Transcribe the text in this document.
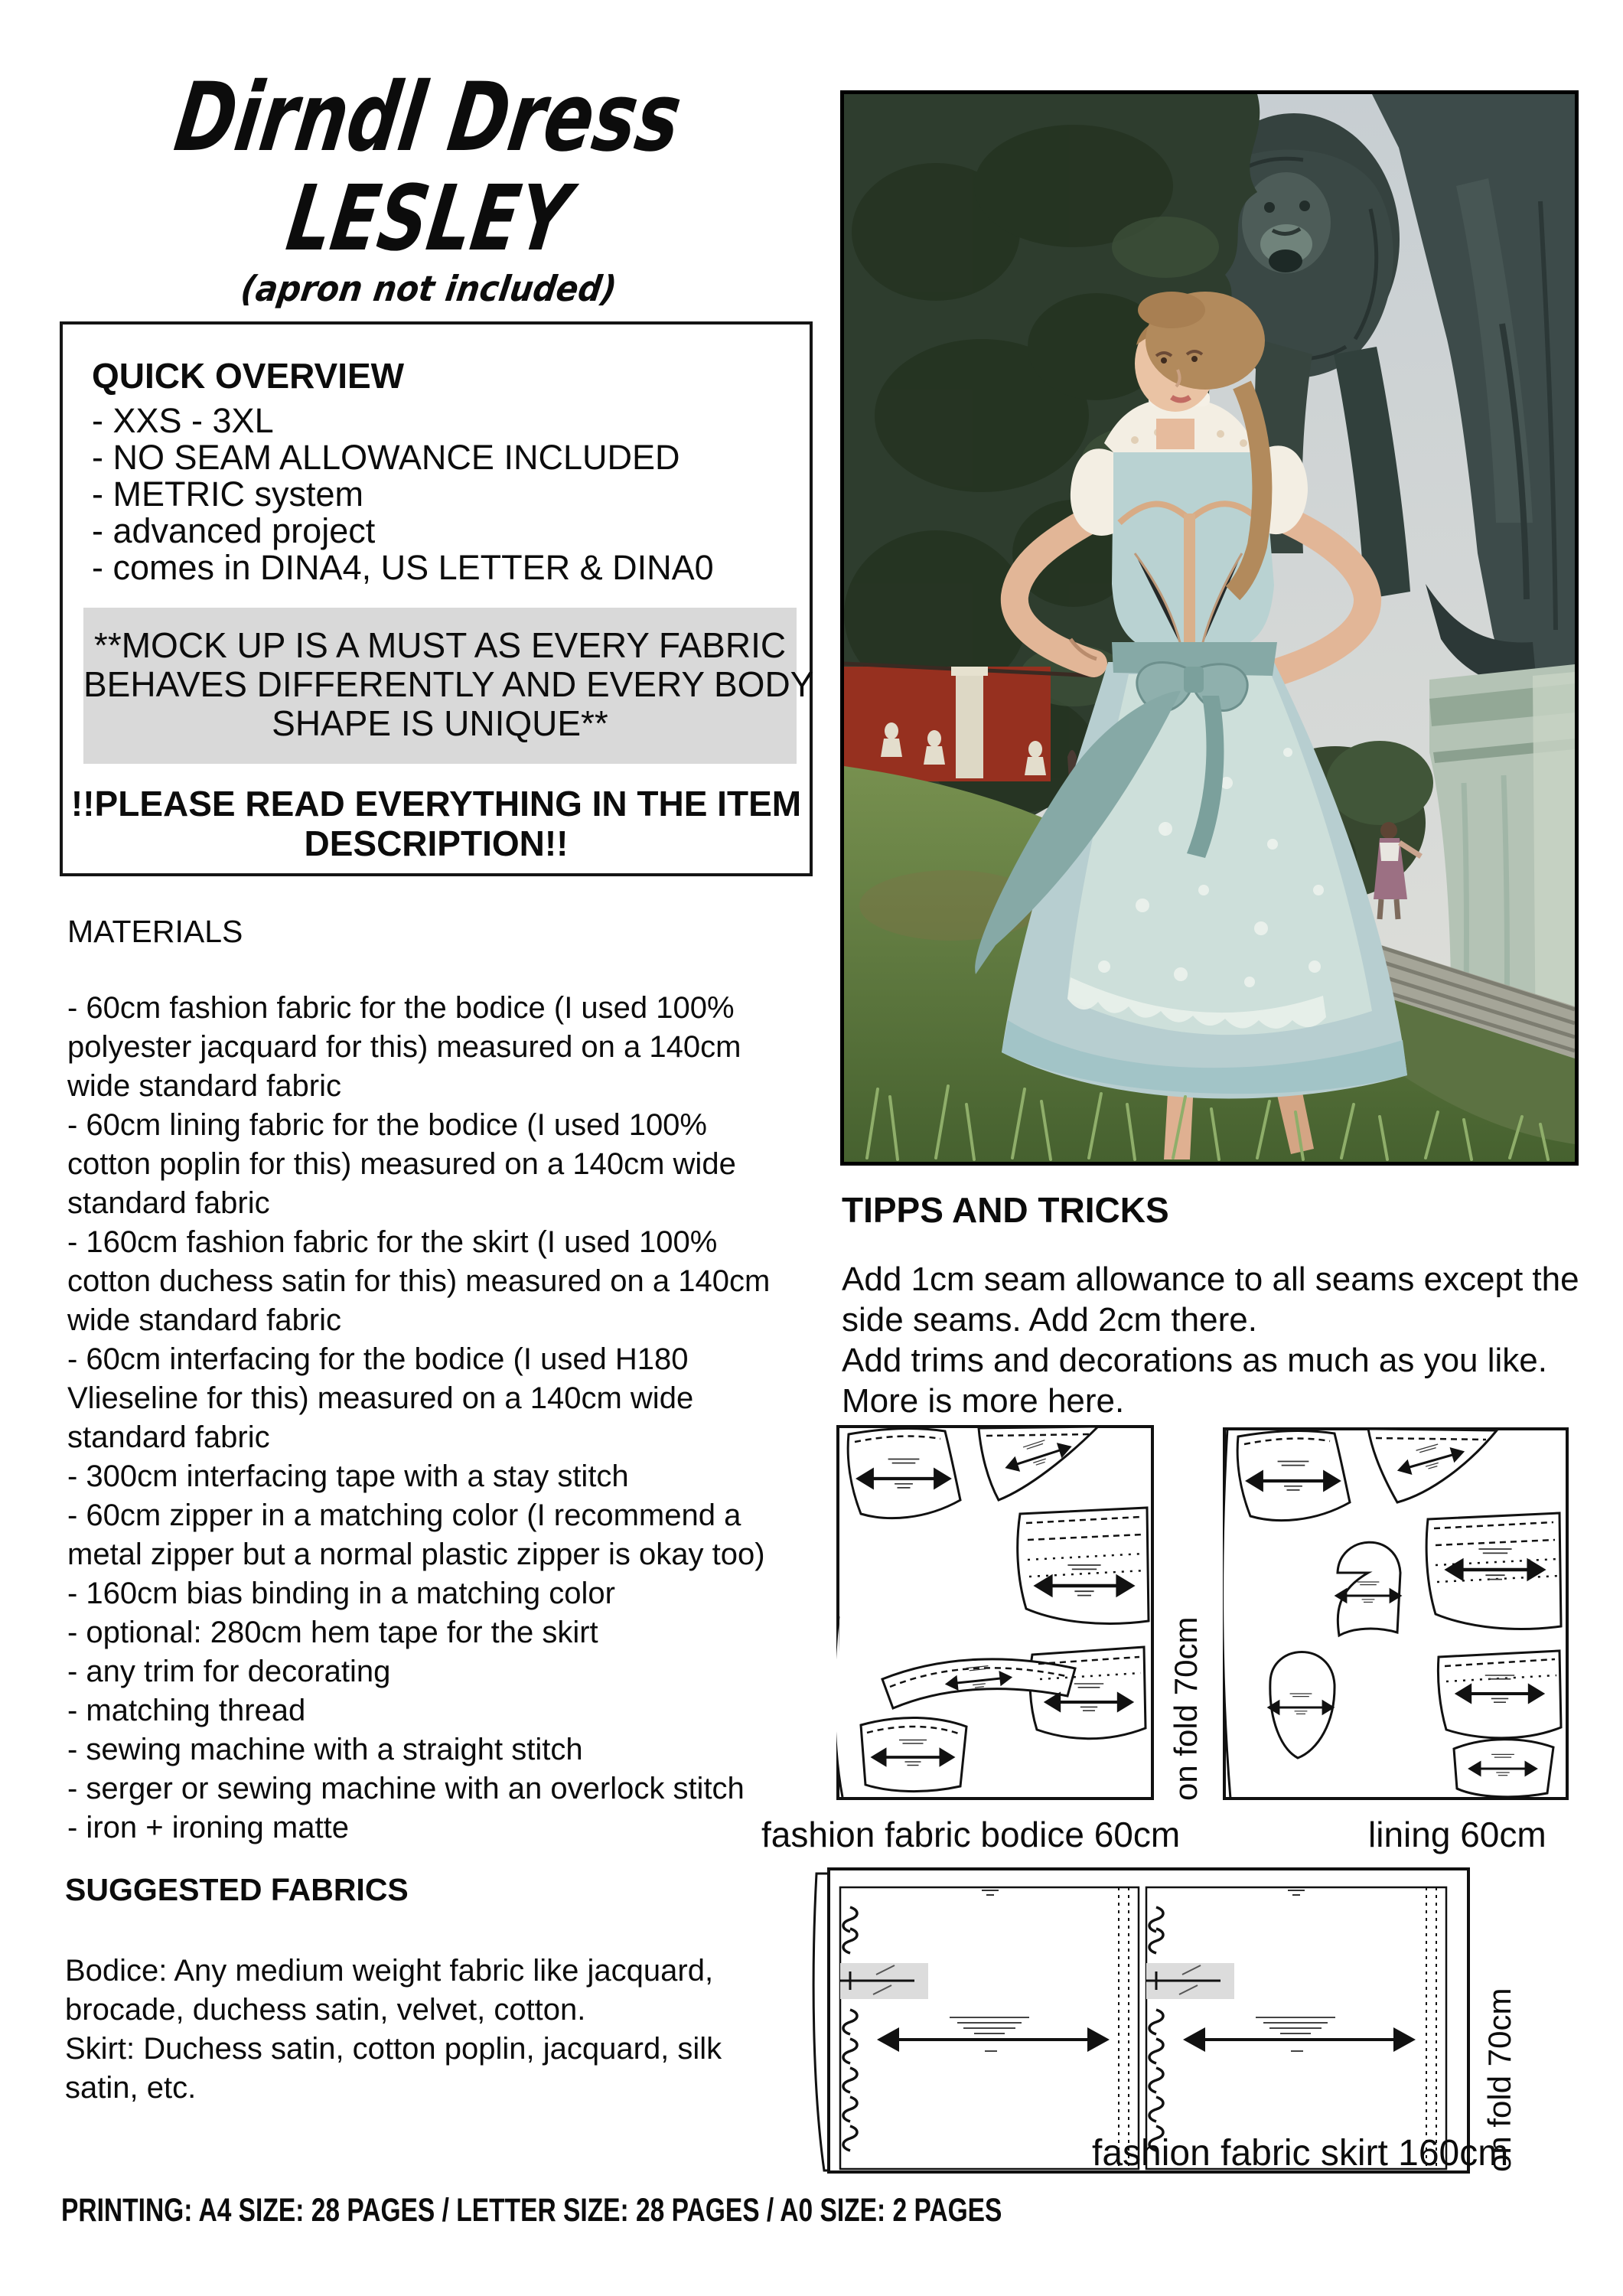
Dirndl Dress
LESLEY
(apron not included)
QUICK OVERVIEW
- XXS - 3XL
- NO SEAM ALLOWANCE INCLUDED
- METRIC system
- advanced project
- comes in DINA4, US LETTER & DINA0
**MOCK UP IS A MUST AS EVERY FABRIC
BEHAVES DIFFERENTLY AND EVERY BODY
SHAPE IS UNIQUE**
!!PLEASE READ EVERYTHING IN THE ITEM
DESCRIPTION!!
MATERIALS
- 60cm fashion fabric for the bodice (I used 100%
polyester jacquard for this) measured on a 140cm
wide standard fabric
- 60cm lining fabric for the bodice (I used 100%
cotton poplin for this) measured on a 140cm wide
standard fabric
- 160cm fashion fabric for the skirt (I used 100%
cotton duchess satin for this) measured on a 140cm
wide standard fabric
- 60cm interfacing for the bodice (I used H180
Vlieseline for this) measured on a 140cm wide
standard fabric
- 300cm interfacing tape with a stay stitch
- 60cm zipper in a matching color (I recommend a
metal zipper but a normal plastic zipper is okay too)
- 160cm bias binding in a matching color
- optional: 280cm hem tape for the skirt
- any trim for decorating
- matching thread
- sewing machine with a straight stitch
- serger or sewing machine with an overlock stitch
- iron + ironing matte
SUGGESTED FABRICS
Bodice: Any medium weight fabric like jacquard,
brocade, duchess satin, velvet, cotton.
Skirt: Duchess satin, cotton poplin, jacquard, silk
satin, etc.
TIPPS AND TRICKS
Add 1cm seam allowance to all seams except the
side seams. Add 2cm there.
Add trims and decorations as much as you like.
More is more here.
on fold 70cm
fashion fabric bodice 60cm	lining 60cm
on fold 70cm
fashion fabric skirt 160cm
PRINTING: A4 SIZE: 28 PAGES / LETTER SIZE: 28 PAGES / A0 SIZE: 2 PAGES
